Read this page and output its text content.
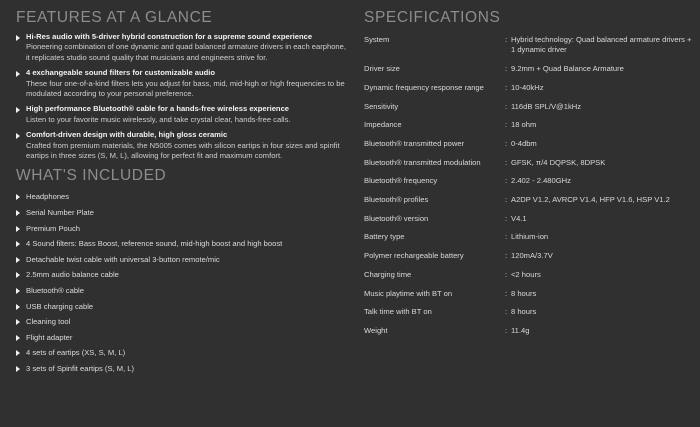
FEATURES AT A GLANCE
Hi-Res audio with 5-driver hybrid construction for a supreme sound experience
Pioneering combination of one dynamic and quad balanced armature drivers in each earphone, it replicates studio sound quality that musicians and engineers strive for.
4 exchangeable sound filters for customizable audio
These four one-of-a-kind filters lets you adjust for bass, mid, mid-high or high frequencies to be modulated according to your personal preference.
High performance Bluetooth® cable for a hands-free wireless experience
Listen to your favorite music wirelessly, and take crystal clear, hands-free calls.
Comfort-driven design with durable, high gloss ceramic
Crafted from premium materials, the N5005 comes with silicon eartips in four sizes and spinfit eartips in three sizes (S, M, L), allowing for perfect fit and maximum comfort.
WHAT'S INCLUDED
Headphones
Serial Number Plate
Premium Pouch
4 Sound filters: Bass Boost, reference sound, mid-high boost and high boost
Detachable twist cable with universal 3-button remote/mic
2.5mm audio balance cable
Bluetooth® cable
USB charging cable
Cleaning tool
Flight adapter
4 sets of eartips (XS, S, M, L)
3 sets of Spinfit eartips (S, M, L)
SPECIFICATIONS
System	: Hybrid technology: Quad balanced armature drivers + 1 dynamic driver
Driver size	: 9.2mm + Quad Balance Armature
Dynamic frequency response range	: 10-40kHz
Sensitivity	: 116dB SPL/V@1kHz
Impedance	: 18 ohm
Bluetooth® transmitted power	: 0-4dbm
Bluetooth® transmitted modulation	: GFSK, π/4 DQPSK, 8DPSK
Bluetooth® frequency	: 2.402 - 2.480GHz
Bluetooth® profiles	: A2DP V1.2, AVRCP V1.4, HFP V1.6, HSP V1.2
Bluetooth® version	: V4.1
Battery type	: Lithium-ion
Polymer rechargeable battery	: 120mA/3.7V
Charging time	: <2 hours
Music playtime with BT on	: 8 hours
Talk time with BT on	: 8 hours
Weight	: 11.4g
